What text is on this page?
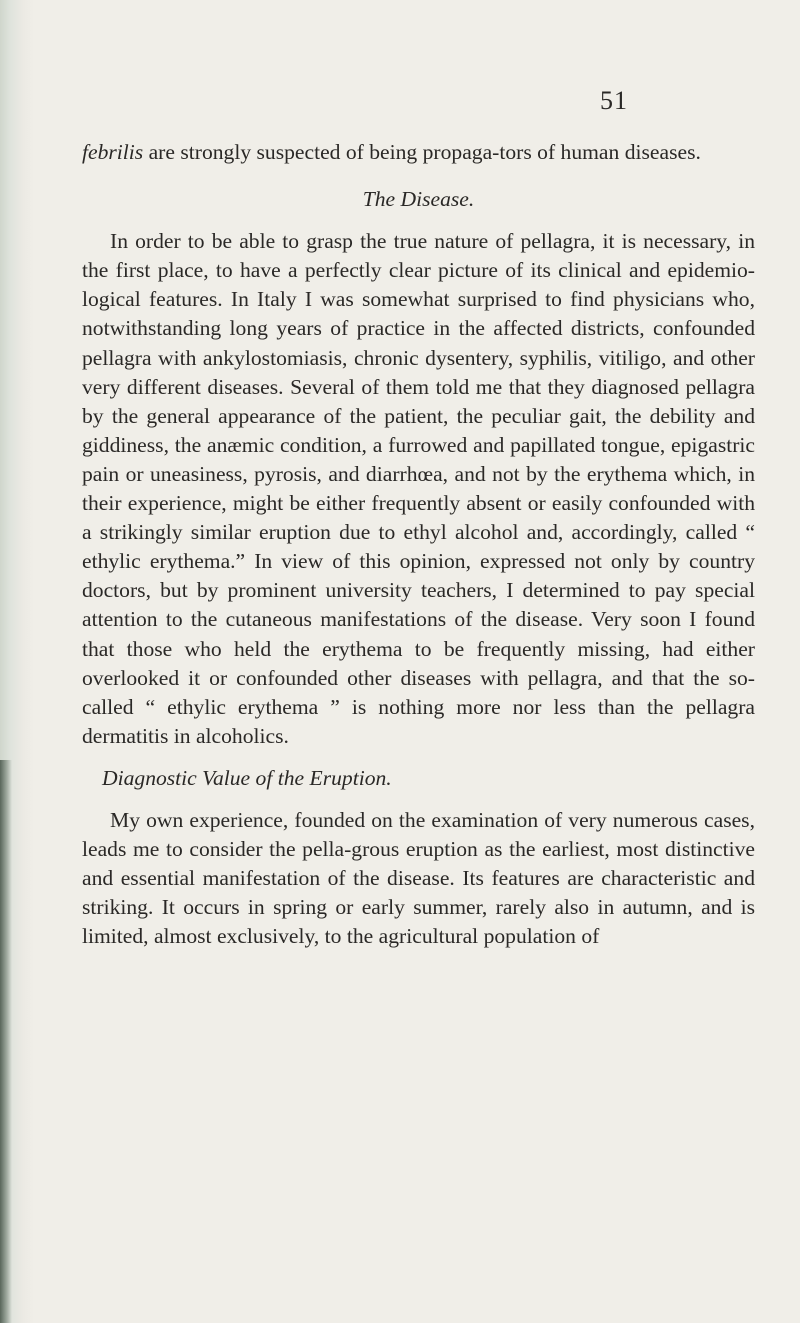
51

febrilis are strongly suspected of being propaga-tors of human diseases.

The Disease.

In order to be able to grasp the true nature of pellagra, it is necessary, in the first place, to have a perfectly clear picture of its clinical and epidemio-logical features. In Italy I was somewhat surprised to find physicians who, notwithstanding long years of practice in the affected districts, confounded pellagra with ankylostomiasis, chronic dysentery, syphilis, vitiligo, and other very different diseases. Several of them told me that they diagnosed pellagra by the general appearance of the patient, the peculiar gait, the debility and giddiness, the anæmic condition, a furrowed and papillated tongue, epigastric pain or uneasiness, pyrosis, and diarrhœa, and not by the erythema which, in their experience, might be either frequently absent or easily confounded with a strikingly similar eruption due to ethyl alcohol and, accordingly, called “ ethylic erythema.” In view of this opinion, expressed not only by country doctors, but by prominent university teachers, I determined to pay special attention to the cutaneous manifestations of the disease. Very soon I found that those who held the erythema to be frequently missing, had either overlooked it or confounded other diseases with pellagra, and that the so-called “ ethylic erythema ” is nothing more nor less than the pellagra dermatitis in alcoholics.

Diagnostic Value of the Eruption.

My own experience, founded on the examination of very numerous cases, leads me to consider the pella-grous eruption as the earliest, most distinctive and essential manifestation of the disease. Its features are characteristic and striking. It occurs in spring or early summer, rarely also in autumn, and is limited, almost exclusively, to the agricultural population of
